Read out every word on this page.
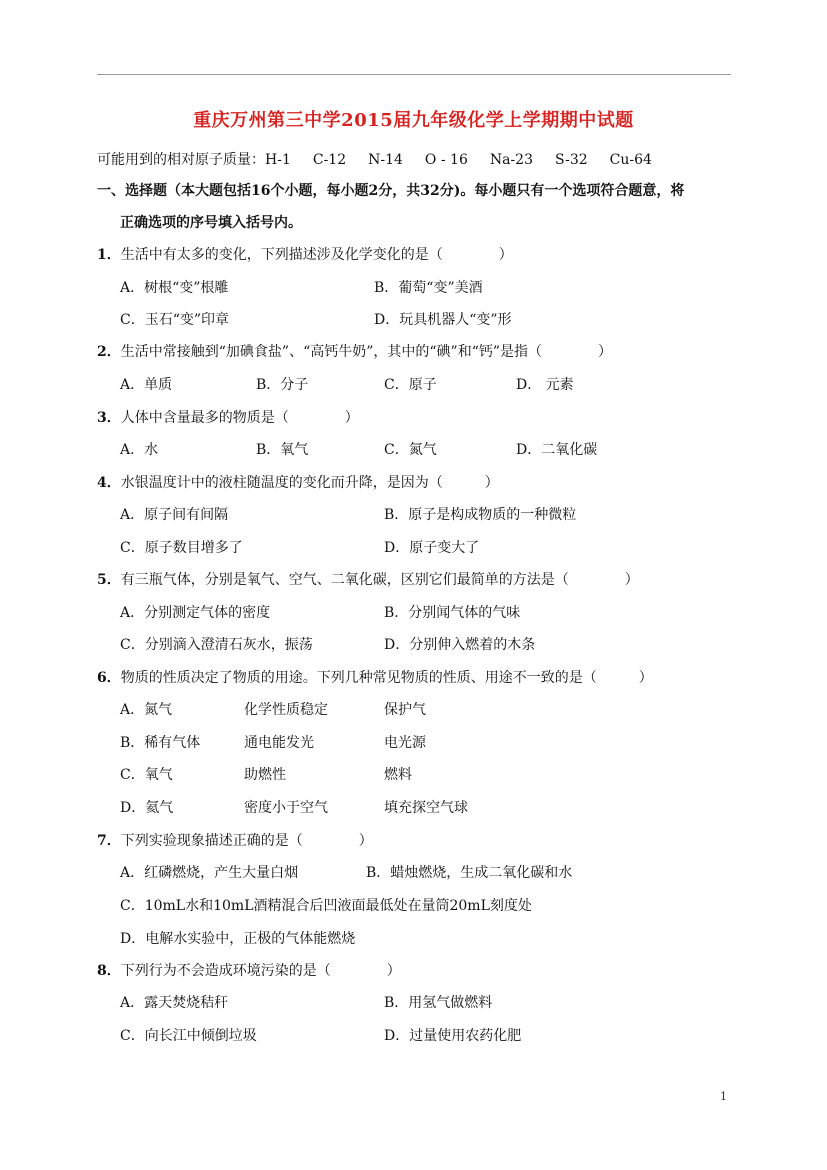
重庆万州第三中学2015届九年级化学上学期期中试题
可能用到的相对原子质量：H-1 C-12 N-14 O - 16 Na-23 S-32 Cu-64
一、选择题（本大题包括16个小题，每小题2分，共32分)。每小题只有一个选项符合题意，将
正确选项的序号填入括号内。
1．生活中有太多的变化，下列描述涉及化学变化的是（　　　　）
A．树根“变”根雕	B．葡萄“变”美酒
C．玉石“变”印章	D．玩具机器人“变”形
2．生活中常接触到“加碘食盐”、“高钙牛奶”，其中的“碘”和“钙”是指（　　　　）
A．单质	B．分子	C．原子	D． 元素
3．人体中含量最多的物质是（　　　　）
A．水	B．氧气	C．氮气	D．二氧化碳
4．水银温度计中的液柱随温度的变化而升降，是因为（　　　）
A．原子间有间隔	B．原子是构成物质的一种微粒
C．原子数目增多了	D．原子变大了
5．有三瓶气体，分别是氧气、空气、二氧化碳，区别它们最简单的方法是（　　　　）
A．分别测定气体的密度	B．分别闻气体的气味
C．分别滴入澄清石灰水，振荡	D．分别伸入燃着的木条
6．物质的性质决定了物质的用途。下列几种常见物质的性质、用途不一致的是（　　　）
A．氮气	化学性质稳定	保护气
B．稀有气体	通电能发光	电光源
C．氧气	助燃性	燃料
D．氦气	密度小于空气	填充探空气球
7．下列实验现象描述正确的是（　　　　）
A．红磷燃烧，产生大量白烟	B．蜡烛燃烧，生成二氧化碳和水
C．10mL水和10mL酒精混合后凹液面最低处在量筒20mL刻度处
D．电解水实验中，正极的气体能燃烧
8．下列行为不会造成环境污染的是（　　　　）
A．露天焚烧秸秆	B．用氢气做燃料
C．向长江中倾倒垃圾	D．过量使用农药化肥
1
